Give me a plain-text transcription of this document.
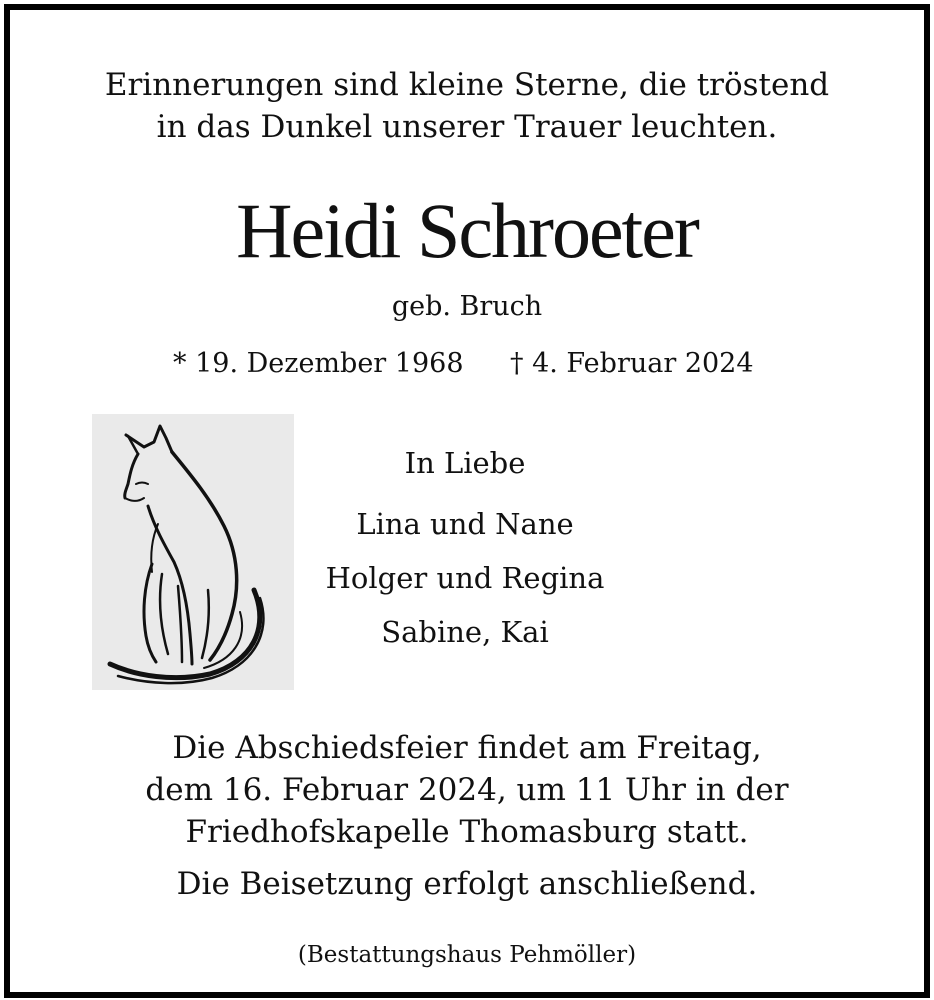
Erinnerungen sind kleine Sterne, die tröstend
in das Dunkel unserer Trauer leuchten.
Heidi Schroeter
geb. Bruch
* 19. Dezember 1968 † 4. Februar 2024
In Liebe
Lina und Nane
Holger und Regina
Sabine, Kai
Die Abschiedsfeier findet am Freitag,
dem 16. Februar 2024, um 11 Uhr in der
Friedhofskapelle Thomasburg statt.
Die Beisetzung erfolgt anschließend.
(Bestattungshaus Pehmöller)
